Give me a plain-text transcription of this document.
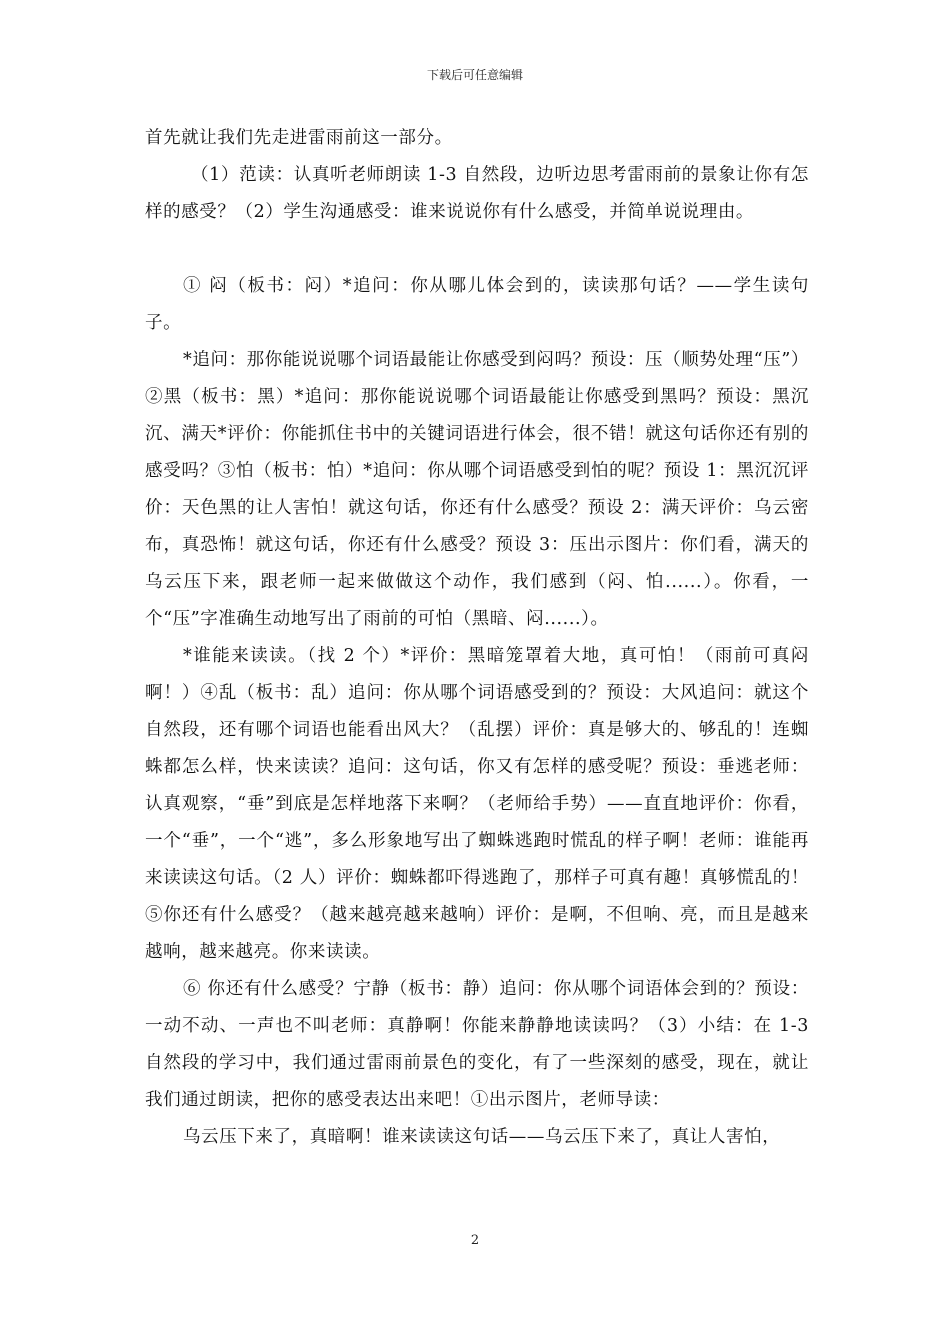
下载后可任意编辑

首先就让我们先走进雷雨前这一部分。

（1）范读：认真听老师朗读 1-3 自然段，边听边思考雷雨前的景象让你有怎样的感受？（2）学生沟通感受：谁来说说你有什么感受，并简单说说理由。

① 闷（板书：闷）*追问：你从哪儿体会到的，读读那句话？——学生读句子。

*追问：那你能说说哪个词语最能让你感受到闷吗？预设：压（顺势处理“压”）②黑（板书：黑）*追问：那你能说说哪个词语最能让你感受到黑吗？预设：黑沉沉、满天*评价：你能抓住书中的关键词语进行体会，很不错！就这句话你还有别的感受吗？③怕（板书：怕）*追问：你从哪个词语感受到怕的呢？预设 1：黑沉沉评价：天色黑的让人害怕！就这句话，你还有什么感受？预设 2：满天评价：乌云密布，真恐怖！就这句话，你还有什么感受？预设 3：压出示图片：你们看，满天的乌云压下来，跟老师一起来做做这个动作，我们感到（闷、怕......）。你看，一个“压”字准确生动地写出了雨前的可怕（黑暗、闷......）。

*谁能来读读。（找 2 个）*评价：黑暗笼罩着大地，真可怕！（雨前可真闷啊！）④乱（板书：乱）追问：你从哪个词语感受到的？预设：大风追问：就这个自然段，还有哪个词语也能看出风大？（乱摆）评价：真是够大的、够乱的！连蜘蛛都怎么样，快来读读？追问：这句话，你又有怎样的感受呢？预设：垂逃老师：认真观察，“垂”到底是怎样地落下来啊？（老师给手势）——直直地评价：你看，一个“垂”，一个“逃”，多么形象地写出了蜘蛛逃跑时慌乱的样子啊！老师：谁能再来读读这句话。（2 人）评价：蜘蛛都吓得逃跑了，那样子可真有趣！真够慌乱的！⑤你还有什么感受？（越来越亮越来越响）评价：是啊，不但响、亮，而且是越来越响，越来越亮。你来读读。

⑥ 你还有什么感受？宁静（板书：静）追问：你从哪个词语体会到的？预设：一动不动、一声也不叫老师：真静啊！你能来静静地读读吗？（3）小结：在 1-3 自然段的学习中，我们通过雷雨前景色的变化，有了一些深刻的感受，现在，就让我们通过朗读，把你的感受表达出来吧！①出示图片，老师导读：

乌云压下来了，真暗啊！谁来读读这句话——乌云压下来了，真让人害怕，

2
